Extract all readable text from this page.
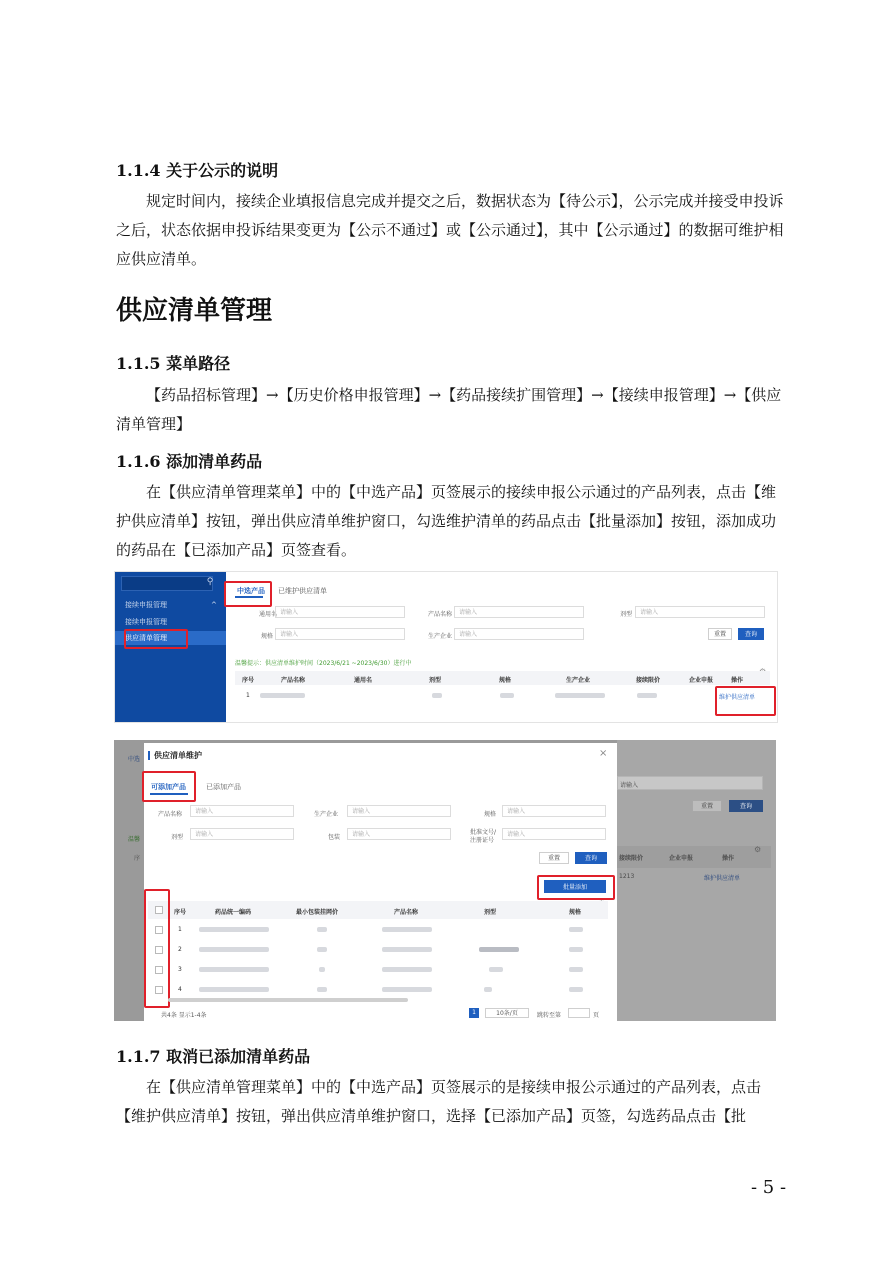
1.1.4 关于公示的说明
规定时间内，接续企业填报信息完成并提交之后，数据状态为【待公示】，公示完成并接受申投诉之后，状态依据申投诉结果变更为【公示不通过】或【公示通过】，其中【公示通过】的数据可维护相应供应清单。
供应清单管理
1.1.5 菜单路径
【药品招标管理】→【历史价格申报管理】→【药品接续扩围管理】→【接续申报管理】→【供应清单管理】
1.1.6 添加清单药品
在【供应清单管理菜单】中的【中选产品】页签展示的接续申报公示通过的产品列表，点击【维护供应清单】按钮，弹出供应清单维护窗口，勾选维护清单的药品点击【批量添加】按钮，添加成功的药品在【已添加产品】页签查看。
⚲
接续申报管理	^
接续申报管理
供应清单管理
中选产品 已维护供应清单
通用名 请输入	产品名称	请输入	剂型	请输入
规格	请输入	生产企业	请输入	重置	查询
温馨提示：供应清单维护时间（2023/6/21 ~2023/6/30）进行中
序号	产品名称	通用名	剂型	规格	生产企业	接续限价	企业申报	操作
1	维护供应清单
中选
温馨
序
请输入
重置	查询
接续限价	企业申报	操作
⚙
1213	维护供应清单
供应清单维护	×
可添加产品	已添加产品
产品名称	请输入	生产企业	请输入	规格	请输入
剂型	请输入	包装	请输入	批准文号/
注册证号
请输入
重置	查询
批量添加
序号	药品统一编码	最小包装挂网价	产品名称	剂型	规格
1
2
3
4
共4条 显示1-4条	1	10条/页	跳转至第	页
1.1.7 取消已添加清单药品
在【供应清单管理菜单】中的【中选产品】页签展示的是接续申报公示通过的产品列表，点击【维护供应清单】按钮，弹出供应清单维护窗口，选择【已添加产品】页签，勾选药品点击【批
- 5 -
